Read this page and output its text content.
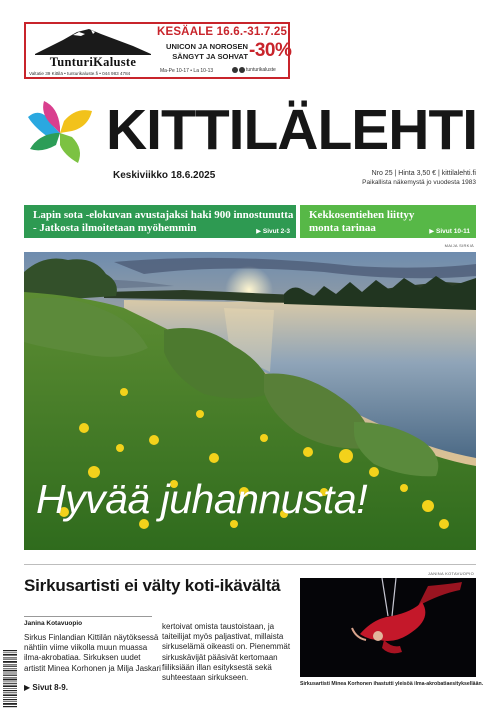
TunturiKaluste
Valtatie 39 Kittilä • tunturikaluste.fi • 044 983 4784
KESÄALE 16.6.-31.7.25
UNICON JA NOROSEN
SÄNGYT JA SOHVAT -30%
Ma-Pe 10-17 • La 10-13	tunturikaluste
KITTILÄLEHTI
Keskiviikko 18.6.2025	Nro 25 | Hinta 3,50 € | kittilalehti.fi
Paikallista näkemystä jo vuodesta 1983
Lapin sota -elokuvan avustajaksi haki 900 innostunutta
- Jatkosta ilmoitetaan myöhemmin	▶ Sivut 2-3
Kekkosentiehen liittyy
monta tarinaa	▶ Sivut 10-11
MAIJA SIRKIÄ
Hyvää juhannusta!
Sirkusartisti ei välty koti-ikävältä
JANINA KOTAVUOPIO
Sirkusartisti Minea Korhonen ihastutti yleisöä ilma-akrobatiaesityksellään.
Janina Kotavuopio
Sirkus Finlandian Kittilän näytöksessä
nähtiin viime viikolla muun muassa
ilma-akrobatiaa. Sirkuksen uudet
artistit Minea Korhonen ja Milja Jaskari
kertoivat omista taustoistaan, ja
taiteilijat myös paljastivat, millaista
sirkuselämä oikeasti on. Pienemmät
sirkuskävijät pääsivät kertomaan
fiiliksiään illan esityksestä sekä
suhteestaan sirkukseen.
▶ Sivut 8-9.
